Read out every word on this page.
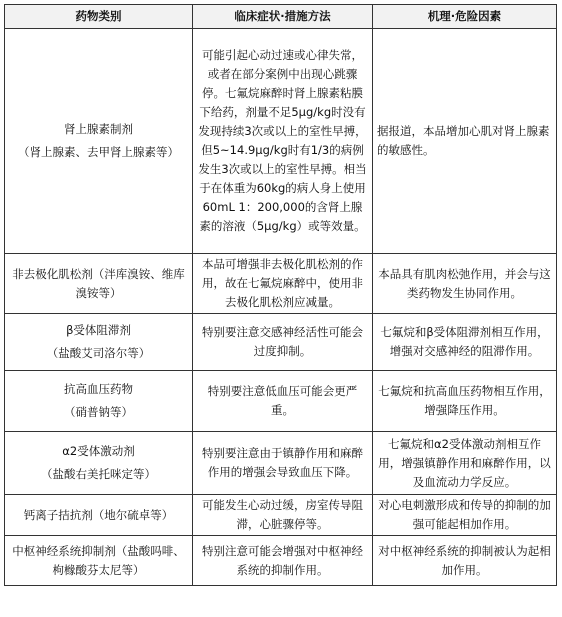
药物类别	临床症状·措施方法	机理·危险因素

肾上腺素制剂
（肾上腺素、去甲肾上腺素等）	可能引起心动过速或心律失常，或者在部分案例中出现心跳骤停。七氟烷麻醉时肾上腺素粘膜下给药，剂量不足5μg/kg时没有发现持续3次或以上的室性早搏，但5~14.9μg/kg时有1/3的病例发生3次或以上的室性早搏。相当于在体重为60kg的病人身上使用60mL 1：200,000的含肾上腺素的溶液（5μg/kg）或等效量。	据报道，本品增加心肌对肾上腺素的敏感性。

非去极化肌松剂（泮库溴铵、维库溴铵等）	本品可增强非去极化肌松剂的作用，故在七氟烷麻醉中，使用非去极化肌松剂应减量。	本品具有肌肉松弛作用，并会与这类药物发生协同作用。

β受体阻滞剂
（盐酸艾司洛尔等）	特别要注意交感神经活性可能会过度抑制。	七氟烷和β受体阻滞剂相互作用，增强对交感神经的阻滞作用。

抗高血压药物
（硝普钠等）	特别要注意低血压可能会更严重。	七氟烷和抗高血压药物相互作用，增强降压作用。

α2受体激动剂
（盐酸右美托咪定等）	特别要注意由于镇静作用和麻醉作用的增强会导致血压下降。	七氟烷和α2受体激动剂相互作用，增强镇静作用和麻醉作用，以及血流动力学反应。

钙离子拮抗剂（地尔硫卓等）	可能发生心动过缓，房室传导阻滞，心脏骤停等。	对心电刺激形成和传导的抑制的加强可能起相加作用。

中枢神经系统抑制剂（盐酸吗啡、枸橼酸芬太尼等）	特别注意可能会增强对中枢神经系统的抑制作用。	对中枢神经系统的抑制被认为起相加作用。
